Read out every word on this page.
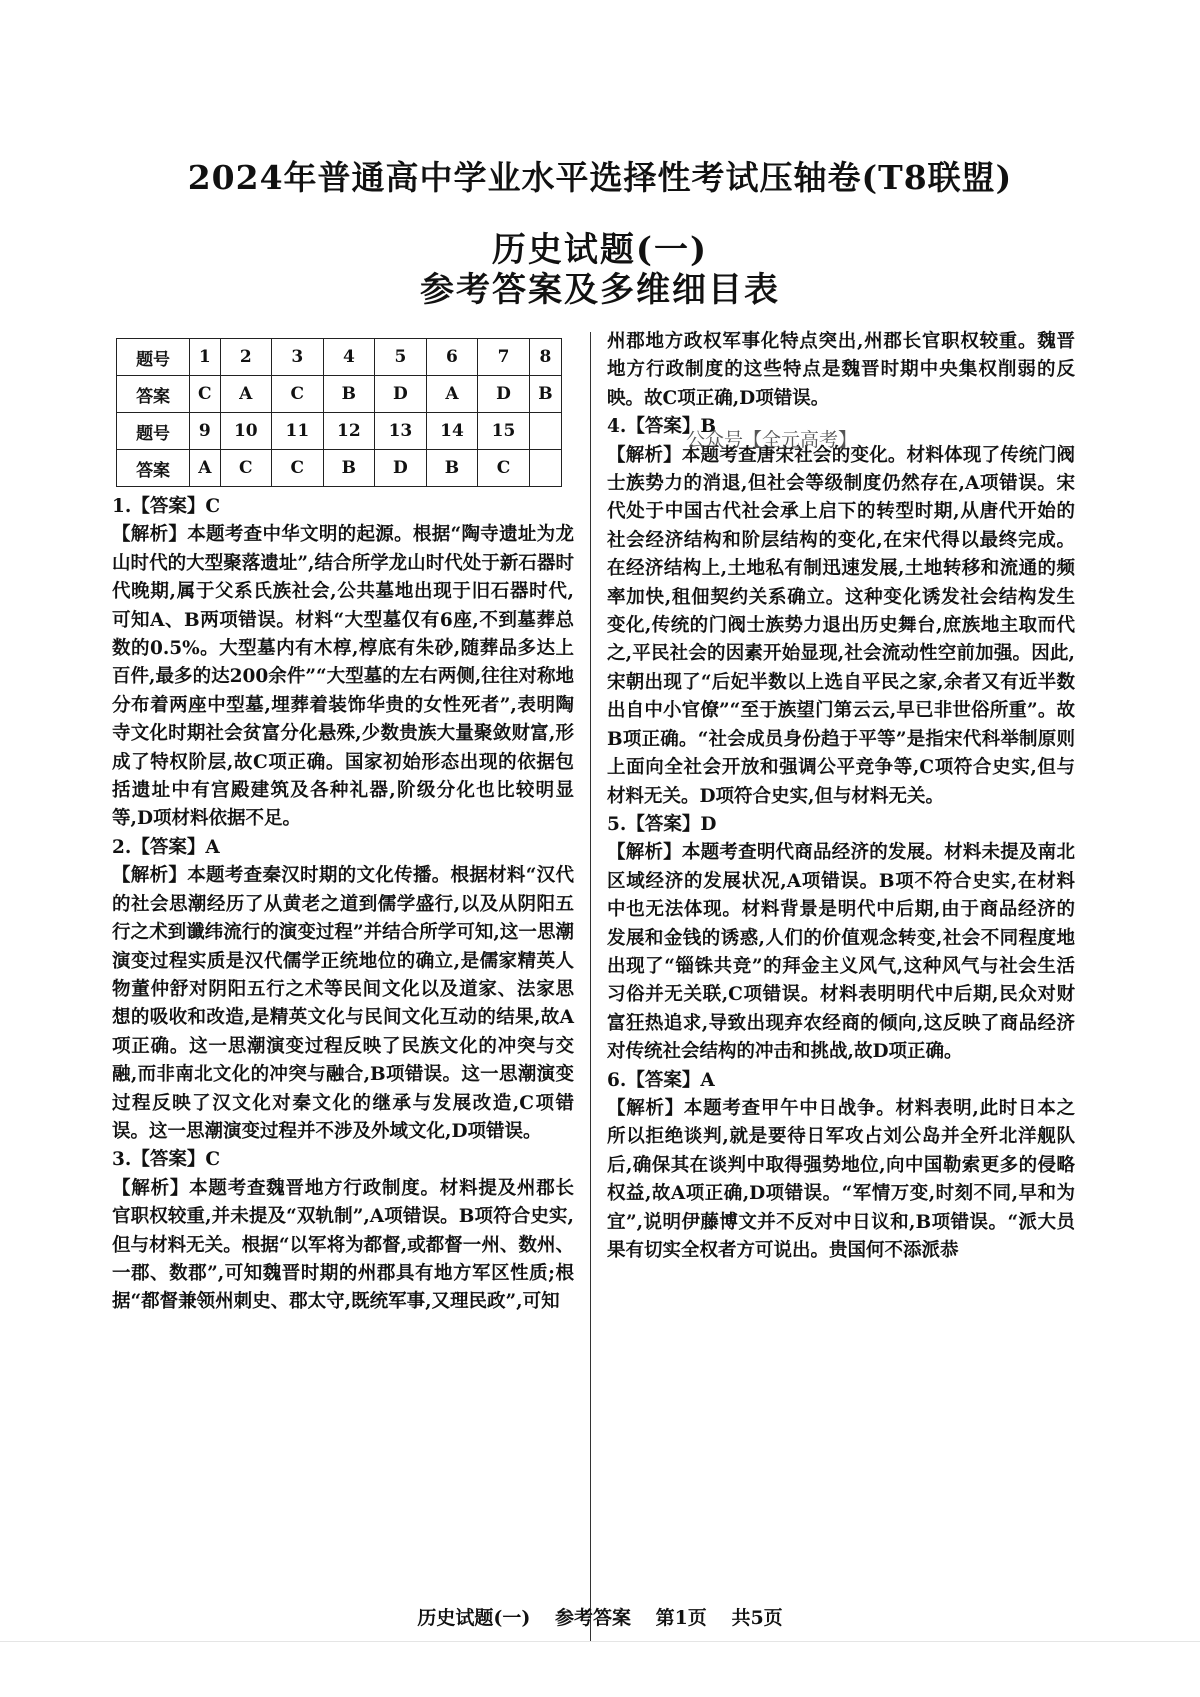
2024年普通高中学业水平选择性考试压轴卷(T8联盟)
历史试题(一)
参考答案及多维细目表
题号	1	2	3	4	5	6	7	8
答案	C	A	C	B	D	A	D	B
题号	9	10	11	12	13	14	15	
答案	A	C	C	B	D	B	C	
1.【答案】C

【解析】本题考查中华文明的起源。根据“陶寺遗址为龙山时代的大型聚落遗址”,结合所学龙山时代处于新石器时代晚期,属于父系氏族社会,公共墓地出现于旧石器时代,可知A、B两项错误。材料“大型墓仅有6座,不到墓葬总数的0.5%。大型墓内有木椁,椁底有朱砂,随葬品多达上百件,最多的达200余件”“大型墓的左右两侧,往往对称地分布着两座中型墓,埋葬着装饰华贵的女性死者”,表明陶寺文化时期社会贫富分化悬殊,少数贵族大量聚敛财富,形成了特权阶层,故C项正确。国家初始形态出现的依据包括遗址中有宫殿建筑及各种礼器,阶级分化也比较明显等,D项材料依据不足。

2.【答案】A

【解析】本题考查秦汉时期的文化传播。根据材料“汉代的社会思潮经历了从黄老之道到儒学盛行,以及从阴阳五行之术到谶纬流行的演变过程”并结合所学可知,这一思潮演变过程实质是汉代儒学正统地位的确立,是儒家精英人物董仲舒对阴阳五行之术等民间文化以及道家、法家思想的吸收和改造,是精英文化与民间文化互动的结果,故A项正确。这一思潮演变过程反映了民族文化的冲突与交融,而非南北文化的冲突与融合,B项错误。这一思潮演变过程反映了汉文化对秦文化的继承与发展改造,C项错误。这一思潮演变过程并不涉及外域文化,D项错误。

3.【答案】C

【解析】本题考查魏晋地方行政制度。材料提及州郡长官职权较重,并未提及“双轨制”,A项错误。B项符合史实,但与材料无关。根据“以军将为都督,或都督一州、数州、一郡、数郡”,可知魏晋时期的州郡具有地方军区性质;根据“都督兼领州刺史、郡太守,既统军事,又理民政”,可知

州郡地方政权军事化特点突出,州郡长官职权较重。魏晋地方行政制度的这些特点是魏晋时期中央集权削弱的反映。故C项正确,D项错误。

4.【答案】B

【解析】本题考查唐宋社会的变化。材料体现了传统门阀士族势力的消退,但社会等级制度仍然存在,A项错误。宋代处于中国古代社会承上启下的转型时期,从唐代开始的社会经济结构和阶层结构的变化,在宋代得以最终完成。在经济结构上,土地私有制迅速发展,土地转移和流通的频率加快,租佃契约关系确立。这种变化诱发社会结构发生变化,传统的门阀士族势力退出历史舞台,庶族地主取而代之,平民社会的因素开始显现,社会流动性空前加强。因此,宋朝出现了“后妃半数以上选自平民之家,余者又有近半数出自中小官僚”“至于族望门第云云,早已非世俗所重”。故B项正确。“社会成员身份趋于平等”是指宋代科举制原则上面向全社会开放和强调公平竞争等,C项符合史实,但与材料无关。D项符合史实,但与材料无关。

5.【答案】D

【解析】本题考查明代商品经济的发展。材料未提及南北区域经济的发展状况,A项错误。B项不符合史实,在材料中也无法体现。材料背景是明代中后期,由于商品经济的发展和金钱的诱惑,人们的价值观念转变,社会不同程度地出现了“锱铢共竞”的拜金主义风气,这种风气与社会生活习俗并无关联,C项错误。材料表明明代中后期,民众对财富狂热追求,导致出现弃农经商的倾向,这反映了商品经济对传统社会结构的冲击和挑战,故D项正确。

6.【答案】A

【解析】本题考查甲午中日战争。材料表明,此时日本之所以拒绝谈判,就是要待日军攻占刘公岛并全歼北洋舰队后,确保其在谈判中取得强势地位,向中国勒索更多的侵略权益,故A项正确,D项错误。“军情万变,时刻不同,早和为宜”,说明伊藤博文并不反对中日议和,B项错误。“派大员果有切实全权者方可说出。贵国何不添派恭

公众号【全元高考】
历史试题(一) 参考答案 第1页 共5页
